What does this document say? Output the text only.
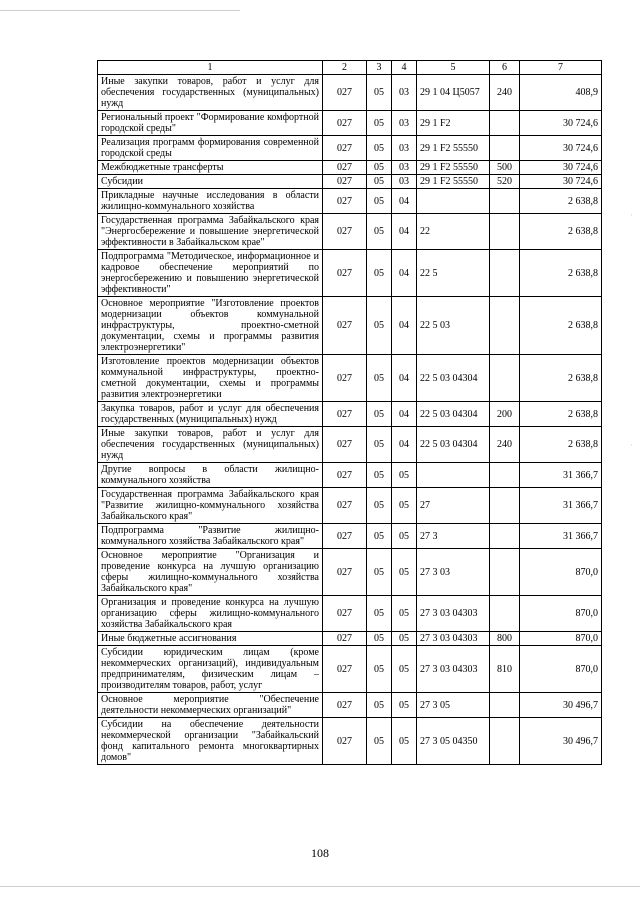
·
·
1	2	3	4	5	6	7
Иные закупки товаров, работ и услуг для обеспечения государственных (муниципальных) нужд	027	05	03	29 1 04 Ц5057	240	408,9
Региональный проект "Формирование комфортной городской среды"	027	05	03	29 1 F2		30 724,6
Реализация программ формирования современной городской среды	027	05	03	29 1 F2 55550		30 724,6
Межбюджетные трансферты	027	05	03	29 1 F2 55550	500	30 724,6
Субсидии	027	05	03	29 1 F2 55550	520	30 724,6
Прикладные научные исследования в области жилищно-коммунального хозяйства	027	05	04			2 638,8
Государственная программа Забайкальского края "Энергосбережение и повышение энергетической эффективности в Забайкальском крае"	027	05	04	22		2 638,8
Подпрограмма "Методическое, информационное и кадровое обеспечение мероприятий по энергосбережению и повышению энергетической эффективности"	027	05	04	22 5		2 638,8
Основное мероприятие "Изготовление проектов модернизации объектов коммунальной инфраструктуры, проектно-сметной документации, схемы и программы развития электроэнергетики"	027	05	04	22 5 03		2 638,8
Изготовление проектов модернизации объектов коммунальной инфраструктуры, проектно-сметной документации, схемы и программы развития электроэнергетики	027	05	04	22 5 03 04304		2 638,8
Закупка товаров, работ и услуг для обеспечения государственных (муниципальных) нужд	027	05	04	22 5 03 04304	200	2 638,8
Иные закупки товаров, работ и услуг для обеспечения государственных (муниципальных) нужд	027	05	04	22 5 03 04304	240	2 638,8
Другие вопросы в области жилищно-коммунального хозяйства	027	05	05			31 366,7
Государственная программа Забайкальского края "Развитие жилищно-коммунального хозяйства Забайкальского края"	027	05	05	27		31 366,7
Подпрограмма "Развитие жилищно-коммунального хозяйства Забайкальского края"	027	05	05	27 3		31 366,7
Основное мероприятие "Организация и проведение конкурса на лучшую организацию сферы жилищно-коммунального хозяйства Забайкальского края"	027	05	05	27 3 03		870,0
Организация и проведение конкурса на лучшую организацию сферы жилищно-коммунального хозяйства Забайкальского края	027	05	05	27 3 03 04303		870,0
Иные бюджетные ассигнования	027	05	05	27 3 03 04303	800	870,0
Субсидии юридическим лицам (кроме некоммерческих организаций), индивидуальным предпринимателям, физическим лицам – производителям товаров, работ, услуг	027	05	05	27 3 03 04303	810	870,0
Основное мероприятие "Обеспечение деятельности некоммерческих организаций"	027	05	05	27 3 05		30 496,7
Субсидии на обеспечение деятельности некоммерческой организации "Забайкальский фонд капитального ремонта многоквартирных домов"	027	05	05	27 3 05 04350		30 496,7
108
